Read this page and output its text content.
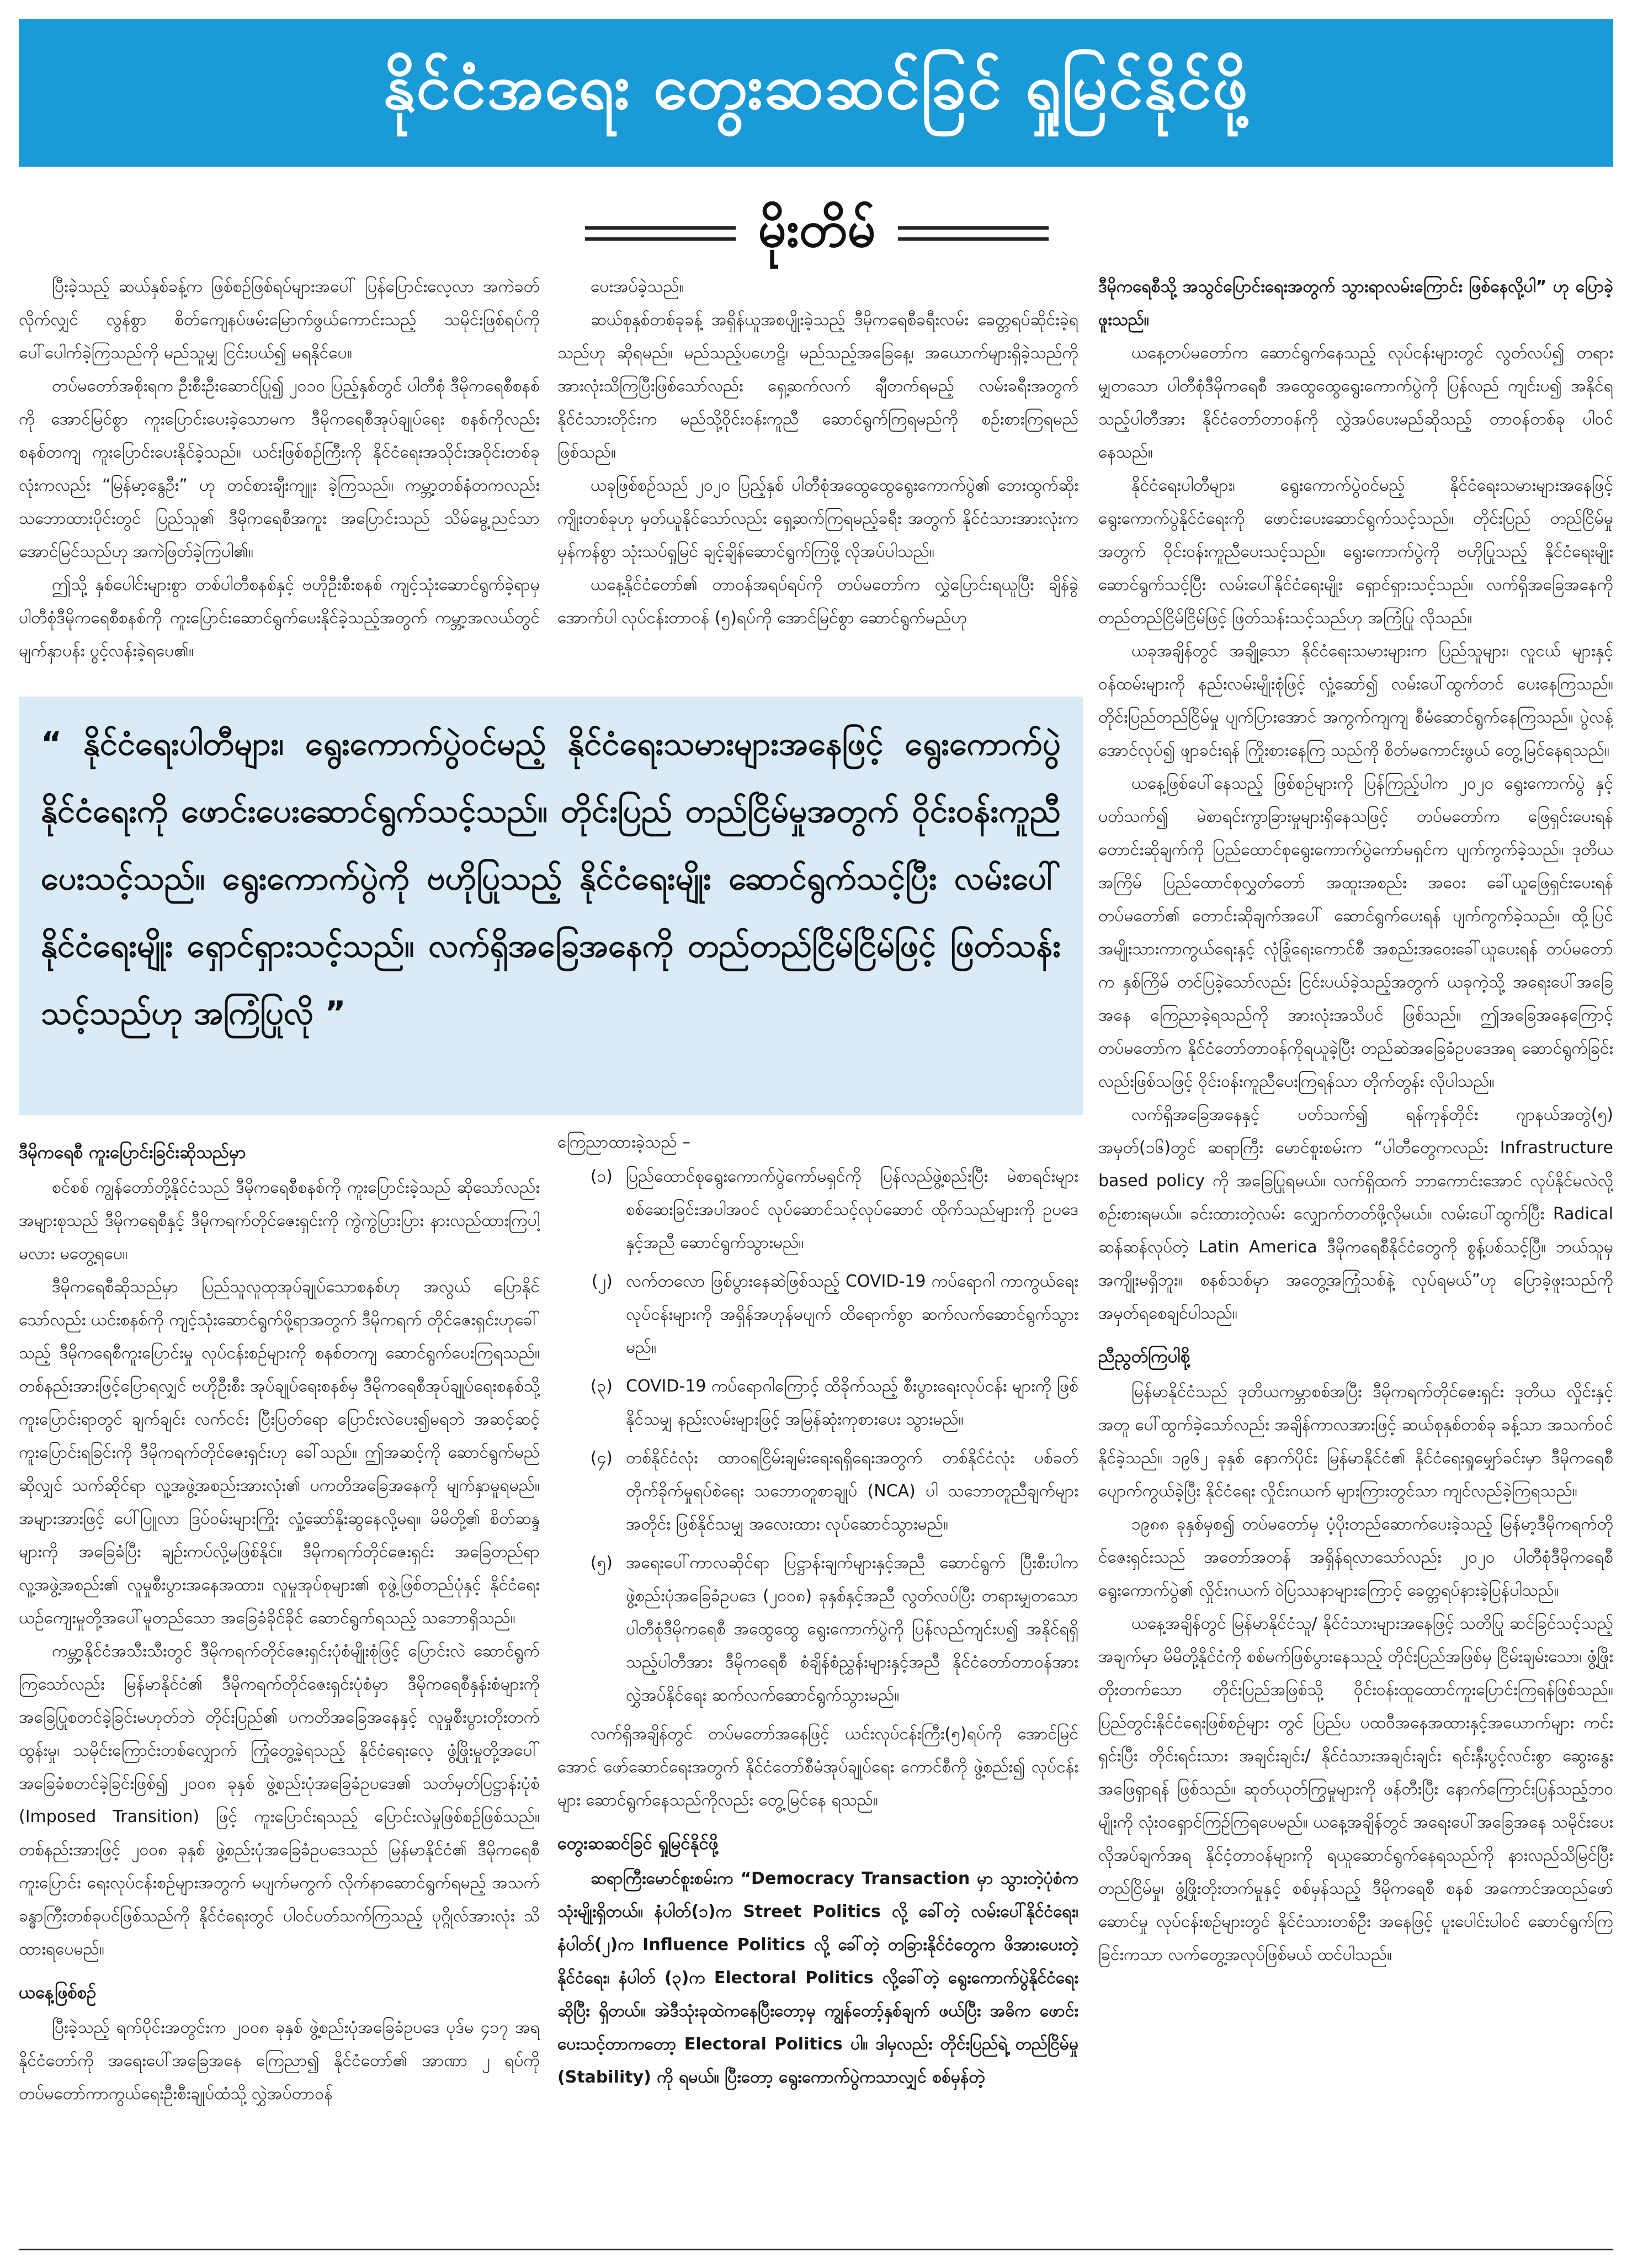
နိုင်ငံအရေး တွေးဆဆင်ခြင် ရှုမြင်နိုင်ဖို့
မိုးတိမ်

ပြီးခဲ့သည့် ဆယ်နှစ်ခန့်က ဖြစ်စဉ်ဖြစ်ရပ်များအပေါ် ပြန်ပြောင်းလေ့လာ အကဲခတ်လိုက်လျှင် လွန်စွာ စိတ်ကျေနပ်ဖမ်းမြောက်ဖွယ်ကောင်းသည့် သမိုင်းဖြစ်ရပ်ကို ပေါ်ပေါက်ခဲ့ကြသည်ကို မည်သူမျှ ငြင်းပယ်၍ မရနိုင်ပေ။

တပ်မတော်အစိုးရက ဦးစီးဦးဆောင်ပြု၍ ၂၀၁၀ ပြည့်နှစ်တွင် ပါတီစုံ ဒီမိုကရေစီစနစ်ကို အောင်မြင်စွာ ကူးပြောင်းပေးခဲ့သောမက ဒီမိုကရေစီအုပ်ချုပ်ရေး စနစ်ကိုလည်း စနစ်တကျ ကူးပြောင်းပေးနိုင်ခဲ့သည်။ ယင်းဖြစ်စဉ်ကြီးကို နိုင်ငံရေးအသိုင်းအဝိုင်းတစ်ခုလုံးကလည်း “မြန်မာ့နွေဦး” ဟု တင်စားချီးကျူး ခဲ့ကြသည်။ ကမ္ဘာ့တစ်နံတကလည်း သဘောထားပိုင်းတွင် ပြည်သူ၏ ဒီမိုကရေစီအကူး အပြောင်းသည် သိမ်မွေ့ညင်သာ အောင်မြင်သည်ဟု အကဲဖြတ်ခဲ့ကြပါ၏။

ဤသို့ နှစ်ပေါင်းများစွာ တစ်ပါတီစနစ်နှင့် ဗဟိုဦးစီးစနစ် ကျင့်သုံးဆောင်ရွက်ခဲ့ရာမှ ပါတီစုံဒီမိုကရေစီစနစ်ကို ကူးပြောင်းဆောင်ရွက်ပေးနိုင်ခဲ့သည့်အတွက် ကမ္ဘာ့အလယ်တွင် မျက်နှာပန်း ပွင့်လန်းခဲ့ရပေ၏။

ပေးအပ်ခဲ့သည်။

ဆယ်စုနှစ်တစ်ခုခန့် အရှိန်ယူအစပျိုးခဲ့သည့် ဒီမိုကရေစီခရီးလမ်း ခေတ္တရပ်ဆိုင်းခဲ့ရသည်ဟု ဆိုရမည်။ မည်သည့်ပဟေဠိ၊ မည်သည့်အခြေနေ့၊ အယောက်များရှိခဲ့သည်ကို အားလုံးသိကြပြီးဖြစ်သော်လည်း ရှေ့ဆက်လက် ချီတက်ရမည့် လမ်းခရီးအတွက် နိုင်ငံသားတိုင်းက မည်သို့ဝိုင်းဝန်းကူညီ ဆောင်ရွက်ကြရမည်ကို စဉ်းစားကြရမည်ဖြစ်သည်။

ယခုဖြစ်စဉ်သည် ၂၀၂၀ ပြည့်နှစ် ပါတီစုံအထွေထွေရွေးကောက်ပွဲ၏ ဘေးထွက်ဆိုးကျိုးတစ်ခုဟု မှတ်ယူနိုင်သော်လည်း ရှေ့ဆက်ကြရမည့်ခရီး အတွက် နိုင်ငံသားအားလုံးက မှန်ကန်စွာ သုံးသပ်ရှုမြင် ချင့်ချိန်ဆောင်ရွက်ကြဖို့ လိုအပ်ပါသည်။

ယနေ့နိုင်ငံတော်၏ တာဝန်အရပ်ရပ်ကို တပ်မတော်က လွှဲပြောင်းရယူပြီး ချိန်ခွဲ အောက်ပါ လုပ်ငန်းတာဝန် (၅)ရပ်ကို အောင်မြင်စွာ ဆောင်ရွက်မည်ဟု

“ နိုင်ငံရေးပါတီများ၊ ရွေးကောက်ပွဲဝင်မည့် နိုင်ငံရေးသမားများအနေဖြင့် ရွေးကောက်ပွဲနိုင်ငံရေးကို ဖောင်းပေးဆောင်ရွက်သင့်သည်။ တိုင်းပြည် တည်ငြိမ်မှုအတွက် ဝိုင်းဝန်းကူညီပေးသင့်သည်။ ရွေးကောက်ပွဲကို ဗဟိုပြုသည့် နိုင်ငံရေးမျိုး ဆောင်ရွက်သင့်ပြီး လမ်းပေါ်နိုင်ငံရေးမျိုး ရှောင်ရှားသင့်သည်။ လက်ရှိအခြေအနေကို တည်တည်ငြိမ်ငြိမ်ဖြင့် ဖြတ်သန်းသင့်သည်ဟု အကြံပြုလို ”

ဒီမိုကရေစီသို့ အသွင်ပြောင်းရေးအတွက် သွားရာလမ်းကြောင်း ဖြစ်နေလို့ပါ” ဟု ပြောခဲ့ဖူးသည်။

ယနေ့တပ်မတော်က ဆောင်ရွက်နေသည့် လုပ်ငန်းများတွင် လွတ်လပ်၍ တရားမျှတသော ပါတီစုံဒီမိုကရေစီ အထွေထွေရွေးကောက်ပွဲကို ပြန်လည် ကျင်းပ၍ အနိုင်ရသည့်ပါတီအား နိုင်ငံတော်တာဝန်ကို လွှဲအပ်ပေးမည်ဆိုသည့် တာဝန်တစ်ခု ပါဝင်နေသည်။

နိုင်ငံရေးပါတီများ၊ ရွေးကောက်ပွဲဝင်မည့် နိုင်ငံရေးသမားများအနေဖြင့် ရွေးကောက်ပွဲနိုင်ငံရေးကို ဖောင်းပေးဆောင်ရွက်သင့်သည်။ တိုင်းပြည် တည်ငြိမ်မှုအတွက် ဝိုင်းဝန်းကူညီပေးသင့်သည်။ ရွေးကောက်ပွဲကို ဗဟိုပြုသည့် နိုင်ငံရေးမျိုး ဆောင်ရွက်သင့်ပြီး လမ်းပေါ်နိုင်ငံရေးမျိုး ရှောင်ရှားသင့်သည်။ လက်ရှိအခြေအနေကို တည်တည်ငြိမ်ငြိမ်ဖြင့် ဖြတ်သန်းသင့်သည်ဟု အကြံပြု လိုသည်။

ယခုအချိန်တွင် အချို့သော နိုင်ငံရေးသမားများက ပြည်သူများ၊ လူငယ် များနှင့် ဝန်ထမ်းများကို နည်းလမ်းမျိုးစုံဖြင့် လှုံ့ဆော်၍ လမ်းပေါ်ထွက်တင် ပေးနေကြသည်။ တိုင်းပြည်တည်ငြိမ်မှု ပျက်ပြားအောင် အကွက်ကျကျ စီမံဆောင်ရွက်နေကြသည်။ ပွဲလန့်အောင်လုပ်၍ ဖျာခင်းရန် ကြိုးစားနေကြ သည်ကို စိတ်မကောင်းဖွယ် တွေ့မြင်နေရသည်။

ယနေ့ဖြစ်ပေါ်နေသည့် ဖြစ်စဉ်များကို ပြန်ကြည့်ပါက ၂၀၂၀ ရွေးကောက်ပွဲ နှင့် ပတ်သက်၍ မဲစာရင်းကွာခြားမှုများရှိနေသဖြင့် တပ်မတော်က ဖြေရှင်းပေးရန် တောင်းဆိုချက်ကို ပြည်ထောင်စုရွေးကောက်ပွဲကော်မရှင်က ပျက်ကွက်ခဲ့သည်။ ဒုတိယအကြိမ် ပြည်ထောင်စုလွှတ်တော် အထူးအစည်း အဝေး ခေါ်ယူဖြေရှင်းပေးရန် တပ်မတော်၏ တောင်းဆိုချက်အပေါ် ဆောင်ရွက်ပေးရန် ပျက်ကွက်ခဲ့သည်။ ထို့ပြင် အမျိုးသားကာကွယ်ရေးနှင့် လုံခြုံရေးကောင်စီ အစည်းအဝေးခေါ်ယူပေးရန် တပ်မတော်က နှစ်ကြိမ် တင်ပြခဲ့သော်လည်း ငြင်းပယ်ခဲ့သည့်အတွက် ယခုကဲ့သို့ အရေးပေါ်အခြေ အနေ ကြေညာခဲ့ရသည်ကို အားလုံးအသိပင် ဖြစ်သည်။ ဤအခြေအနေကြောင့် တပ်မတော်က နိုင်ငံတော်တာဝန်ကိုရယူခဲ့ပြီး တည်ဆဲအခြေခံဥပဒေအရ ဆောင်ရွက်ခြင်းလည်းဖြစ်သဖြင့် ဝိုင်းဝန်းကူညီပေးကြရန်သာ တိုက်တွန်း လိုပါသည်။

လက်ရှိအခြေအနေနှင့် ပတ်သက်၍ ရန်ကုန်တိုင်း ဂျာနယ်အတွဲ(၅) အမှတ်(၁၆)တွင် ဆရာကြီး မောင်စူးစမ်းက “ပါတီတွေကလည်း Infrastructure based policy ကို အခြေပြုရမယ်။ လက်ရှိထက် ဘာကောင်းအောင် လုပ်နိုင်မလဲလို့ စဉ်းစားရမယ်။ ခင်းထားတဲ့လမ်း လျှောက်တတ်ဖို့လိုမယ်။ လမ်းပေါ်ထွက်ပြီး Radical ဆန်ဆန်လုပ်တဲ့ Latin America ဒီမိုကရေစီနိုင်ငံတွေကို စွန့်ပစ်သင့်ပြီ။ ဘယ်သူမှ အကျိုးမရှိဘူး။ စနစ်သစ်မှာ အတွေ့အကြုံသစ်နဲ့ လုပ်ရမယ်”ဟု ပြောခဲ့ဖူးသည်ကို အမှတ်ရစေချင်ပါသည်။

ညီညွတ်ကြပါစို့

မြန်မာနိုင်ငံသည် ဒုတိယကမ္ဘာစစ်အပြီး ဒီမိုကရက်တိုင်ဇေးရှင်း ဒုတိယ လှိုင်းနှင့်အတူ ပေါ်ထွက်ခဲ့သော်လည်း အချိန်ကာလအားဖြင့် ဆယ်စုနှစ်တစ်ခု ခန့်သာ အသက်ဝင်နိုင်ခဲ့သည်။ ၁၉၆၂ ခုနှစ် နောက်ပိုင်း မြန်မာနိုင်ငံ၏ နိုင်ငံရေးရှုမျှော်ခင်းမှာ ဒီမိုကရေစီပျောက်ကွယ်ခဲ့ပြီး နိုင်ငံရေး လှိုင်းဂယက် များကြားတွင်သာ ကျင်လည်ခဲ့ကြရသည်။

၁၉၈၈ ခုနှစ်မှစ၍ တပ်မတော်မှ ပံ့ပိုးတည်ဆောက်ပေးခဲ့သည့် မြန်မာ့ဒီမိုကရက်တိုင်ဇေးရှင်းသည် အတော်အတန် အရှိန်ရလာသော်လည်း ၂၀၂၀ ပါတီစုံဒီမိုကရေစီရွေးကောက်ပွဲ၏ လှိုင်းဂယက် ဝဲပြဿနာများကြောင့် ခေတ္တရပ်နားခဲ့ပြန်ပါသည်။

ယနေ့အချိန်တွင် မြန်မာနိုင်ငံသူ/ နိုင်ငံသားများအနေဖြင့် သတိပြု ဆင်ခြင်သင့်သည့်အချက်မှာ မိမိတို့နိုင်ငံကို စစ်မက်ဖြစ်ပွားနေသည့် တိုင်းပြည်အဖြစ်မှ ငြိမ်းချမ်းသော၊ ဖွံ့ဖြိုးတိုးတက်သော တိုင်းပြည်အဖြစ်သို့ ဝိုင်းဝန်းထူထောင်ကူးပြောင်းကြရန်ဖြစ်သည်။ ပြည်တွင်းနိုင်ငံရေးဖြစ်စဉ်များ တွင် ပြည်ပ ပထဝီအနေအထားနှင့်အယောက်များ ကင်းရှင်းပြီး တိုင်းရင်းသား အချင်းချင်း/ နိုင်ငံသားအချင်းချင်း ရင်းနှီးပွင့်လင်းစွာ ဆွေးနွေးအဖြေရှာရန် ဖြစ်သည်။ ဆုတ်ယုတ်ကြွမှုများကို ဖန်တီးပြီး နောက်ကြောင်းပြန်သည့်ဘဝမျိုးကို လုံးဝရှောင်ကြဉ်ကြရပေမည်။ ယနေ့အချိန်တွင် အရေးပေါ်အခြေအနေ သမိုင်းပေးလိုအပ်ချက်အရ နိုင်ငံ့တာဝန်များကို ရယူဆောင်ရွက်နေရသည်ကို နားလည်သိမြင်ပြီး တည်ငြိမ်မှု၊ ဖွံ့ဖြိုးတိုးတက်မှုနှင့် စစ်မှန်သည့် ဒီမိုကရေစီ စနစ် အကောင်အထည်ဖော်ဆောင်မှု လုပ်ငန်းစဉ်များတွင် နိုင်ငံသားတစ်ဦး အနေဖြင့် ပူးပေါင်းပါဝင် ဆောင်ရွက်ကြခြင်းကသာ လက်တွေ့အလုပ်ဖြစ်မယ် ထင်ပါသည်။

ဒီမိုကရေစီ ကူးပြောင်းခြင်းဆိုသည်မှာ

စင်စစ် ကျွန်တော်တို့နိုင်ငံသည် ဒီမိုကရေစီစနစ်ကို ကူးပြောင်းခဲ့သည် ဆိုသော်လည်း အများစုသည် ဒီမိုကရေစီနှင့် ဒီမိုကရက်တိုင်ဇေးရှင်းကို ကွဲကွဲပြားပြား နားလည်ထားကြပါ့မလား မတွေ့ရပေ။

ဒီမိုကရေစီဆိုသည်မှာ ပြည်သူလူထုအုပ်ချုပ်သောစနစ်ဟု အလွယ် ပြောနိုင်သော်လည်း ယင်းစနစ်ကို ကျင့်သုံးဆောင်ရွက်ဖို့ရာအတွက် ဒီမိုကရက် တိုင်ဇေးရှင်းဟုခေါ်သည့် ဒီမိုကရေစီကူးပြောင်းမှု လုပ်ငန်းစဉ်များကို စနစ်တကျ ဆောင်ရွက်ပေးကြရသည်။ တစ်နည်းအားဖြင့်ပြောရလျှင် ဗဟိုဦးစီး အုပ်ချုပ်ရေးစနစ်မှ ဒီမိုကရေစီအုပ်ချုပ်ရေးစနစ်သို့ ကူးပြောင်းရာတွင် ချက်ချင်း လက်ငင်း ပြီးပြတ်ရော ပြောင်းလဲပေး၍မရဘဲ အဆင့်ဆင့်ကူးပြောင်းရခြင်းကို ဒီမိုကရက်တိုင်ဇေးရှင်းဟု ခေါ်သည်။ ဤအဆင့်ကို ဆောင်ရွက်မည်ဆိုလျှင် သက်ဆိုင်ရာ လူ့အဖွဲ့အစည်းအားလုံး၏ ပကတိအခြေအနေကို မျက်နှာမူရမည်။ အများအားဖြင့် ပေါ်ပြူလာ ဒြပ်ဝမ်းများကြိုး လှုံ့ဆော်နိုးဆွနေလို့မရ။ မိမိတို့၏ စိတ်ဆန္ဒများကို အခြေခံပြီး ချဉ်းကပ်လို့မဖြစ်နိုင်။ ဒီမိုကရက်တိုင်ဇေးရှင်း အခြေတည်ရာ လူ့အဖွဲ့အစည်း၏ လူမှုစီးပွားအနေအထား၊ လူမှုအုပ်စုများ၏ စုဖွဲ့ဖြစ်တည်ပုံနှင့် နိုင်ငံရေးယဉ်ကျေးမှုတို့အပေါ်မူတည်သော အခြေခံခိုင်ခိုင် ဆောင်ရွက်ရသည့် သဘောရှိသည်။

ကမ္ဘာ့နိုင်ငံအသီးသီးတွင် ဒီမိုကရက်တိုင်ဇေးရှင်းပုံစံမျိုးစုံဖြင့် ပြောင်းလဲ ဆောင်ရွက်ကြသော်လည်း မြန်မာနိုင်ငံ၏ ဒီမိုကရက်တိုင်ဇေးရှင်းပုံစံမှာ ဒီမိုကရေစီနှန်းစံများကို အခြေပြုစတင်ခဲ့ခြင်းမဟုတ်ဘဲ တိုင်းပြည်၏ ပကတိအခြေအနေနှင့် လူမှုစီးပွားတိုးတက်ထွန်းမှု၊ သမိုင်းကြောင်းတစ်လျှောက် ကြုံတွေ့ခဲ့ရသည့် နိုင်ငံရေးလေ့ ဖွံ့ဖြိုးမှုတို့အပေါ် အခြေခံစတင်ခဲ့ခြင်းဖြစ်၍ ၂၀၀၈ ခုနှစ် ဖွဲ့စည်းပုံအခြေခံဥပဒေ၏ သတ်မှတ်ပြဋ္ဌာန်းပုံစံ (Imposed Transition) ဖြင့် ကူးပြောင်းရသည့် ပြောင်းလဲမှုဖြစ်စဉ်ဖြစ်သည်။ တစ်နည်းအားဖြင့် ၂၀၀၈ ခုနှစ် ဖွဲ့စည်းပုံအခြေခံဥပဒေသည် မြန်မာနိုင်ငံ၏ ဒီမိုကရေစီကူးပြောင်း ရေးလုပ်ငန်းစဉ်များအတွက် မပျက်မကွက် လိုက်နာဆောင်ရွက်ရမည့် အသက်ခန္ဓာကြီးတစ်ခုပင်ဖြစ်သည်ကို နိုင်ငံရေးတွင် ပါဝင်ပတ်သက်ကြသည့် ပုဂ္ဂိုလ်အားလုံး သိထားရပေမည်။

ယနေ့ဖြစ်စဉ်

ပြီးခဲ့သည့် ရက်ပိုင်းအတွင်းက ၂၀၀၈ ခုနှစ် ဖွဲ့စည်းပုံအခြေခံဥပဒေ ပုဒ်မ ၄၁၇ အရ နိုင်ငံတော်ကို အရေးပေါ်အခြေအနေ ကြေညာ၍ နိုင်ငံတော်၏ အာဏာ ၂ ရပ်ကို တပ်မတော်ကာကွယ်ရေးဦးစီးချုပ်ထံသို့ လွှဲအပ်တာဝန်

ကြေညာထားခဲ့သည် –

(၁) ပြည်ထောင်စုရွေးကောက်ပွဲကော်မရှင်ကို ပြန်လည်ဖွဲ့စည်းပြီး မဲစာရင်းများ စစ်ဆေးခြင်းအပါအဝင် လုပ်ဆောင်သင့်လုပ်ဆောင် ထိုက်သည်များကို ဥပဒေနှင့်အညီ ဆောင်ရွက်သွားမည်။
(၂) လက်တလော ဖြစ်ပွားနေဆဲဖြစ်သည့် COVID-19 ကပ်ရောဂါ ကာကွယ်ရေးလုပ်ငန်းများကို အရှိန်အဟုန်မပျက် ထိရောက်စွာ ဆက်လက်ဆောင်ရွက်သွားမည်။
(၃) COVID-19 ကပ်ရောဂါကြောင့် ထိခိုက်သည့် စီးပွားရေးလုပ်ငန်း များကို ဖြစ်နိုင်သမျှ နည်းလမ်းများဖြင့် အမြန်ဆုံးကုစားပေး သွားမည်။
(၄) တစ်နိုင်ငံလုံး ထာဝရငြိမ်းချမ်းရေးရရှိရေးအတွက် တစ်နိုင်ငံလုံး ပစ်ခတ်တိုက်ခိုက်မှုရပ်စဲရေး သဘောတူစာချုပ် (NCA) ပါ သဘောတူညီချက်များအတိုင်း ဖြစ်နိုင်သမျှ အလေးထား လုပ်ဆောင်သွားမည်။
(၅) အရေးပေါ်ကာလဆိုင်ရာ ပြဋ္ဌာန်းချက်များနှင့်အညီ ဆောင်ရွက် ပြီးစီးပါက ဖွဲ့စည်းပုံအခြေခံဥပဒေ (၂၀၀၈) ခုနှစ်နှင့်အညီ လွတ်လပ်ပြီး တရားမျှတသော ပါတီစုံဒီမိုကရေစီ အထွေထွေ ရွေးကောက်ပွဲကို ပြန်လည်ကျင်းပ၍ အနိုင်ရရှိသည့်ပါတီအား ဒီမိုကရေစီ စံချိန်စံညွှန်းများနှင့်အညီ နိုင်ငံတော်တာဝန်အား လွှဲအပ်နိုင်ရေး ဆက်လက်ဆောင်ရွက်သွားမည်။

လက်ရှိအချိန်တွင် တပ်မတော်အနေဖြင့် ယင်းလုပ်ငန်းကြီး(၅)ရပ်ကို အောင်မြင်အောင် ဖော်ဆောင်ရေးအတွက် နိုင်ငံတော်စီမံအုပ်ချုပ်ရေး ကောင်စီကို ဖွဲ့စည်း၍ လုပ်ငန်းများ ဆောင်ရွက်နေသည်ကိုလည်း တွေ့မြင်နေ ရသည်။

တွေးဆဆင်ခြင် ရှုမြင်နိုင်ဖို့

ဆရာကြီးမောင်စူးစမ်းက “Democracy Transaction မှာ သွားတဲ့ပုံစံက သုံးမျိုးရှိတယ်။ နံပါတ်(၁)က Street Politics လို့ ခေါ်တဲ့ လမ်းပေါ်နိုင်ငံရေး၊ နံပါတ်(၂)က Influence Politics လို့ ခေါ်တဲ့ တခြားနိုင်ငံတွေက ဖိအားပေးတဲ့ နိုင်ငံရေး၊ နံပါတ် (၃)က Electoral Politics လို့ခေါ်တဲ့ ရွေးကောက်ပွဲနိုင်ငံရေး ဆိုပြီး ရှိတယ်။ အဲဒီသုံးခုထဲကနေပြီးတော့မှ ကျွန်တော့်နှစ်ချက် ဖယ်ပြီး အဓိက ဖောင်းပေးသင့်တာကတော့ Electoral Politics ပါ။ ဒါမှလည်း တိုင်းပြည်ရဲ့ တည်ငြိမ်မှု (Stability) ကို ရမယ်။ ပြီးတော့ ရွေးကောက်ပွဲကသာလျှင် စစ်မှန်တဲ့
